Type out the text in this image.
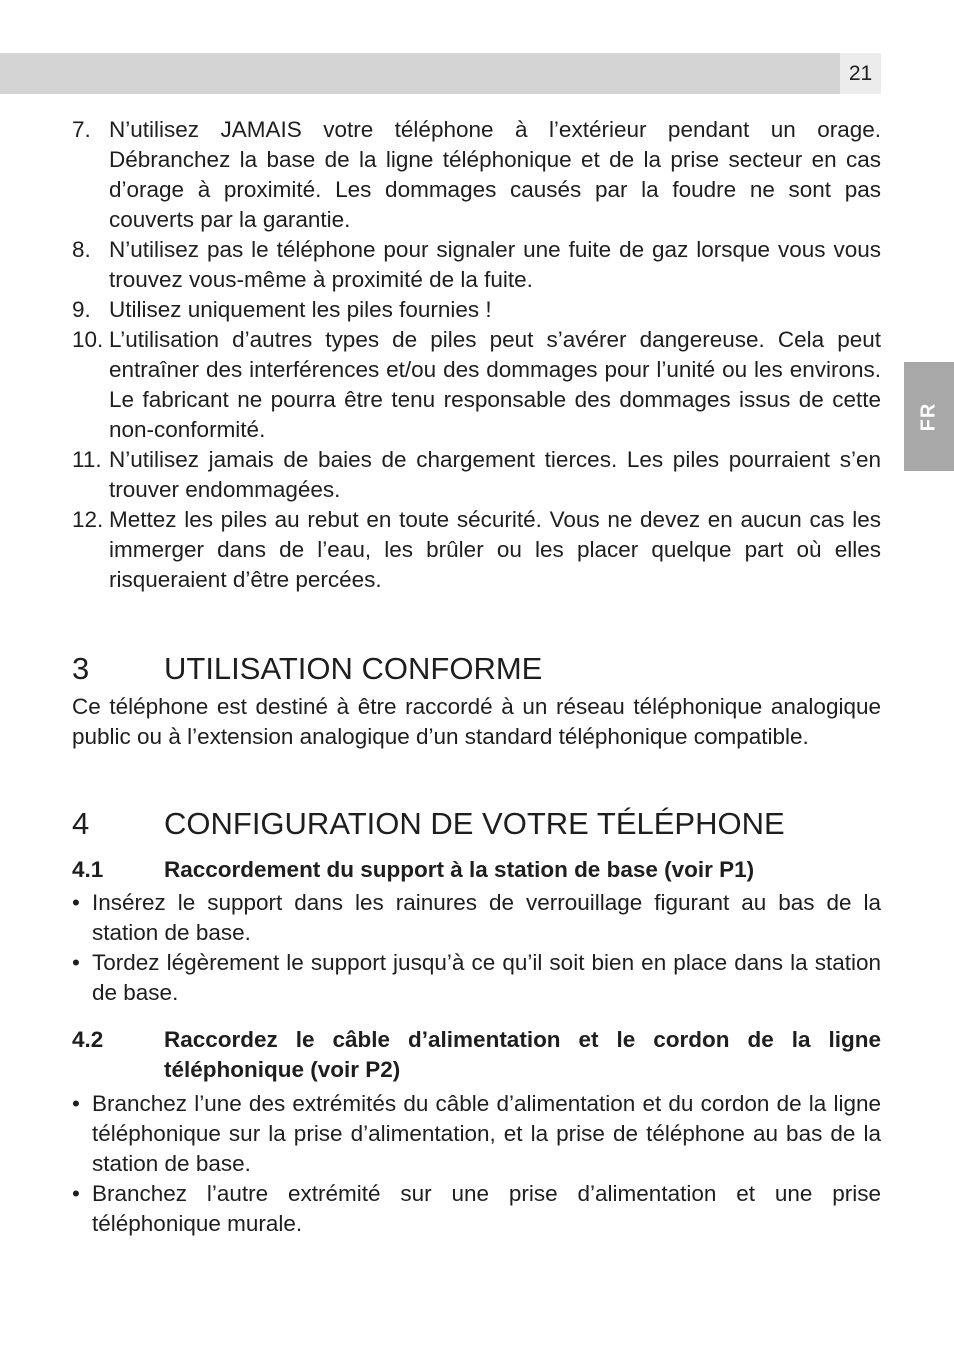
21
FR
7. N’utilisez JAMAIS votre téléphone à l’extérieur pendant un orage. Débranchez la base de la ligne téléphonique et de la prise secteur en cas d’orage à proximité. Les dommages causés par la foudre ne sont pas couverts par la garantie.
8. N’utilisez pas le téléphone pour signaler une fuite de gaz lorsque vous vous trouvez vous-même à proximité de la fuite.
9. Utilisez uniquement les piles fournies !
10. L’utilisation d’autres types de piles peut s’avérer dangereuse. Cela peut entraîner des interférences et/ou des dommages pour l’unité ou les environs. Le fabricant ne pourra être tenu responsable des dommages issus de cette non-conformité.
11. N’utilisez jamais de baies de chargement tierces. Les piles pourraient s’en trouver endommagées.
12. Mettez les piles au rebut en toute sécurité. Vous ne devez en aucun cas les immerger dans de l’eau, les brûler ou les placer quelque part où elles risqueraient d’être percées.
3 UTILISATION CONFORME

Ce téléphone est destiné à être raccordé à un réseau téléphonique analogique public ou à l’extension analogique d’un standard téléphonique compatible.

4 CONFIGURATION DE VOTRE TÉLÉPHONE
4.1	Raccordement du support à la station de base (voir P1)
• Insérez le support dans les rainures de verrouillage figurant au bas de la station de base.
• Tordez légèrement le support jusqu’à ce qu’il soit bien en place dans la station de base.
4.2	Raccordez le câble d’alimentation et le cordon de la ligne téléphonique (voir P2)
• Branchez l’une des extrémités du câble d’alimentation et du cordon de la ligne téléphonique sur la prise d’alimentation, et la prise de téléphone au bas de la station de base.
• Branchez l’autre extrémité sur une prise d’alimentation et une prise téléphonique murale.
